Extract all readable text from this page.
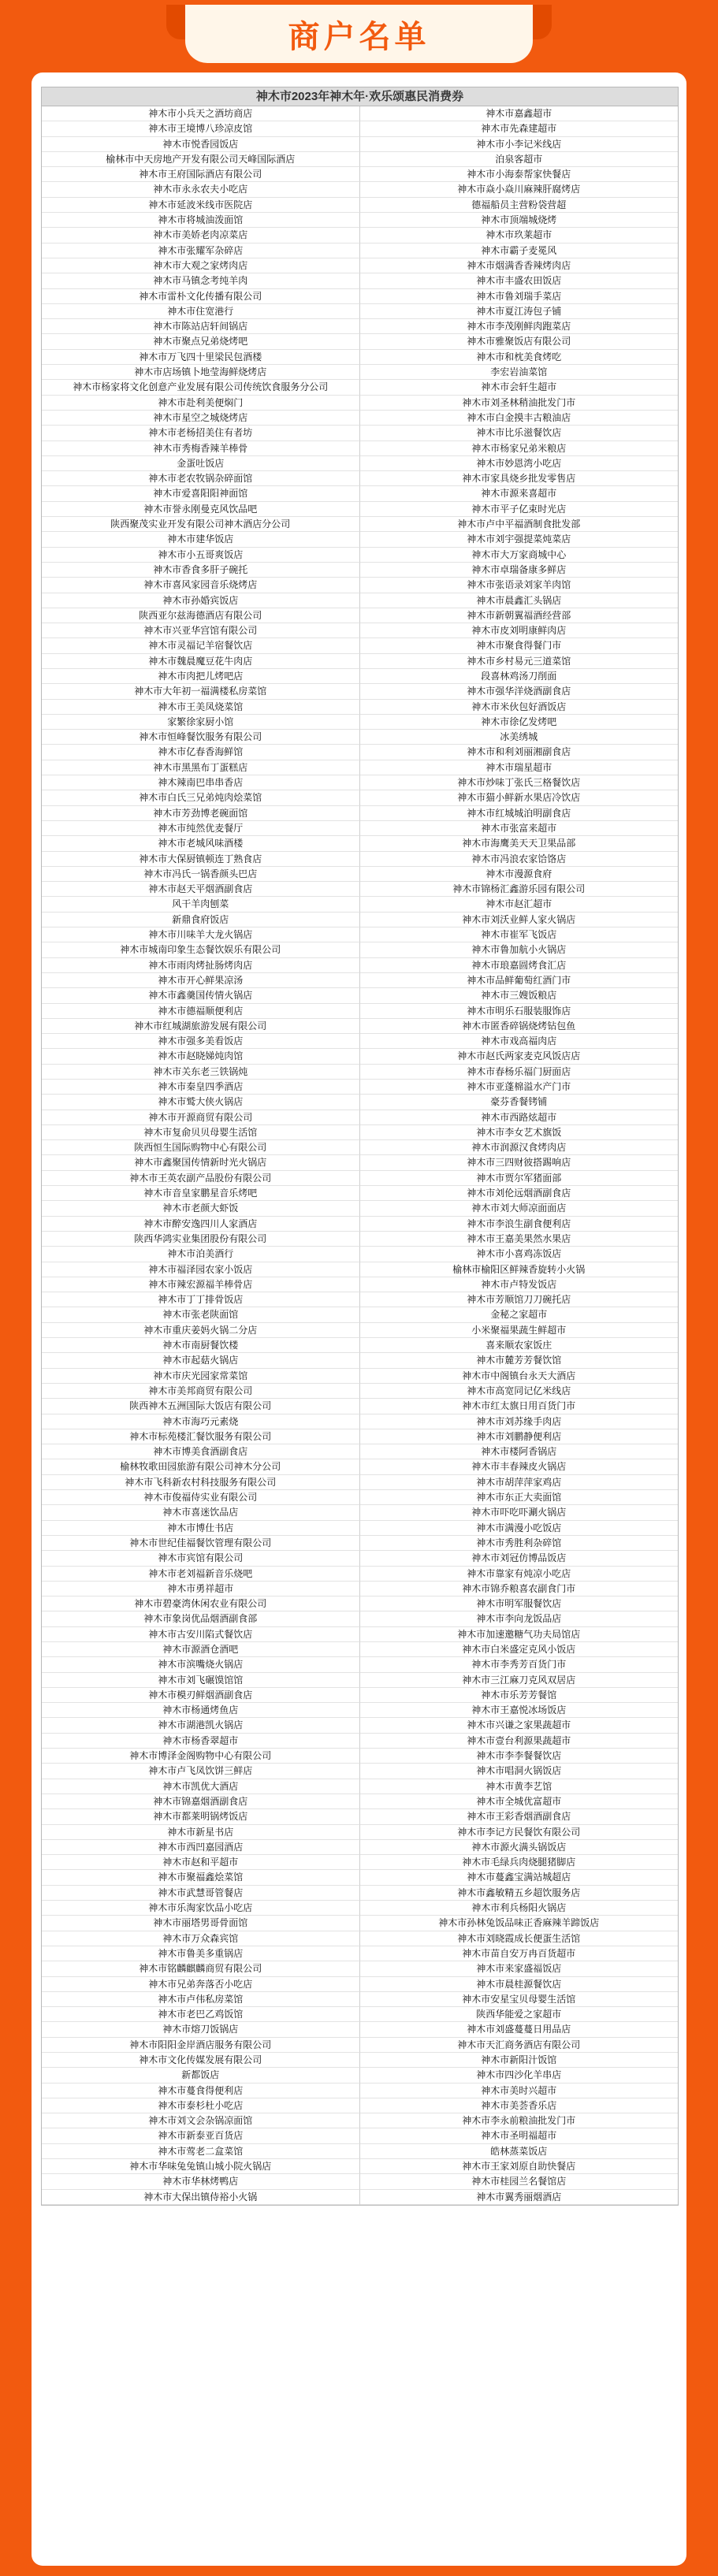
商户名单
神木市2023年神木年·欢乐颂惠民消费券
神木市小兵天之酒坊商店	神木市嘉鑫超市
神木市王境博八珍凉皮馆	神木市先森建超市
神木市悦香园饭店	神木市小李记米线店
榆林市中天房地产开发有限公司天峰国际酒店	泊泉客超市
神木市王府国际酒店有限公司	神木市小海泰帮家快餐店
神木市永永农夫小吃店	神木市焱小焱川麻辣肝腐烤店
神木市延波米线市医院店	德福船员主营粉袋营超
神木市将城油泼面馆	神木市顶端城烧烤
神木市美娇老肉凉菜店	神木市玖莱超市
神木市张耀军杂碎店	神木市霸子麦冕风
神木市大观之家烤肉店	神木市烟满香香辣烤肉店
神木市马镇念考纯羊肉	神木市丰盛农田饭店
神木市雷朴文化传播有限公司	神木市鲁刘瑞手菜店
神木市住宽港行	神木市夏江涛包子铺
神木市陈站店轩间锅店	神木市李茂刚鲜肉跑菜店
神木市聚点兄弟烧烤吧	神木市雅聚饭店有限公司
神木市万飞四十里梁民包酒楼	神木市和枕美食烤吃
神木市店场镇卜地莹海鲜烧烤店	李宏岩油菜馆
神木市杨家将文化创意产业发展有限公司传统饮食服务分公司	神木市会轩生超市
神木市赴利美便焖门	神木市刘圣林稍油批发门市
神木市星空之城烧烤店	神木市白金摸丰古粮油店
神木市老杨招美住有者坊	神木市比乐滋餐饮店
神木市秀梅香辣羊棒骨	神木市杨家兄弟米粮店
金蛋吐饭店	神木市妙恩湾小吃店
神木市老农牧锅杂碎面馆	神木市家具烧乡批发零售店
神木市爱喜阳阳神面馆	神木市源来喜超市
神木市誉永刚曼克风饮品吧	神木市平子亿束时光店
陕西聚茂实业开发有限公司神木酒店分公司	神木市卢中平福酒制食批发部
神木市建华饭店	神木市刘宇强提菜炖菜店
神木市小五哥爽饭店	神木市大万家商城中心
神木市香食多肝子碗托	神木市卓瑞备康多鲜店
神木市喜风家园音乐烧烤店	神木市张语录刘家羊肉馆
神木市孙婚宾饭店	神木市晨鑫汇头锅店
陕西亚尔兹海德酒店有限公司	神木市新朝翼福酒经营部
神木市兴亚华宫馆有限公司	神木市皮刘明康鲜肉店
神木市灵福记羊宿餐饮店	神木市聚食得餐门市
神木市魏晨魔豆花牛肉店	神木市乡村易元三道菜馆
神木市肉把儿烤吧店	段喜林鸡汤刀削面
神木市大年初一福满楼私房菜馆	神木市强华洋烧酒副食店
神木市王美凤烧菜馆	神木市米伙包好酒饭店
家繁徐家厨小馆	神木市徐亿发烤吧
神木市恒峰餐饮服务有限公司	冰美绣城
神木市亿春香海鲜馆	神木市和利刘丽湘副食店
神木市黑黑布丁蛋糕店	神木市瑞星超市
神木辣南巴串串香店	神木市炒味丁张氏三格餐饮店
神木市白氏三兄弟炖肉烩菜馆	神木市猫小鲜新水果店冷饮店
神木市芳劲博老碗面馆	神木市红城城泊明副食店
神木市纯然优麦餐厅	神木市张富来超市
神木市老城风味酒楼	神木市海鹰美天天卫果品部
神木市大保厨镇顿连丁熟食店	神木市冯浪农家饸饹店
神木市冯氏一锅香颜头巴店	神木市漫源食府
神木市赵天平烟酒副食店	神木市锦杨汇鑫游乐园有限公司
风干羊肉刨菜	神木市赵汇超市
新鼎食府饭店	神木市刘沃业鲜人家火锅店
神木市川味羊大龙火锅店	神木市崔军飞饭店
神木市城南印象生态餐饮娱乐有限公司	神木市鲁加航小火锅店
神木市雨肉烤扯肠烤肉店	神木市琅嘉圆烤食汇店
神木市开心鲜果凉汤	神木市品鲜葡萄红酒门市
神木市鑫羹国传情火锅店	神木市三嫂饭粮店
神木市德福顺便利店	神木市明乐石服装服饰店
神木市红城湖旅游发展有限公司	神木市匿香碎锅烧烤钻包鱼
神木市强多美看饭店	神木市戏高福肉店
神木市赵晓娣炖肉馆	神木市赵氏两家麦克风饭店店
神木市关东老三铁锅炖	神木市春杨乐福门厨面店
神木市秦皇四季酒店	神木市亚蓬棉溢水产门市
神木市鹫大侠火锅店	豪芬香餐铐铺
神木市开源商贸有限公司	神木市西路炫超市
神木市复俞贝贝母婴生活馆	神木市李女艺术旗饭
陕西恒生国际购物中心有限公司	神木市润源汉食烤肉店
神木市鑫聚国传情新时光火锅店	神木市三四财彼搭踢响店
神木市王英农副产品股份有限公司	神木市贾尔军猪面部
神木市音皇家鹏星音乐烤吧	神木市刘伦远烟酒副食店
神木市老颜大虾饭	神木市刘大师凉面面店
神木市醉安逸四川人家酒店	神木市李浪生副食便利店
陕西华鸿实业集团股份有限公司	神木市王嘉美果然水果店
神木市泊美酒行	神木市小喜鸡冻饭店
神木市福泽园农家小饭店	榆林市榆阳区鲜辣香旋转小火锅
神木市辣宏源福羊棒骨店	神木市卢特发饭店
神木市丁丁排骨饭店	神木市芳顺馆刀刀碗托店
神木市张老陕面馆	金秘之家超市
神木市重庆姜妈火锅二分店	小米聚福果蔬生鲜超市
神木市南厨餐饮楼	喜来顺农家饭庄
神木市起菇火锅店	神木市麓芳芳餐饮馆
神木市庆光园家常菜馆	神木市中阁镇台永天大酒店
神木市美邦商贸有限公司	神木市高宽同记亿米线店
陕西神木五洲国际大饭店有限公司	神木市红太旗日用百货门市
神木市海巧元素烧	神木市刘苏缘手肉店
神木市标苑楼汇餐饮服务有限公司	神木市刘鹏静便利店
神木市博美食酒副食店	神木市楼阿香锅店
榆林牧歌田园旅游有限公司神木分公司	神木市丰春辣皮火锅店
神木市飞科新农村科技服务有限公司	神木市胡萍萍家鸡店
神木市俊福侍实业有限公司	神木市东正大卖面馆
神木市喜迷饮品店	神木市吓吃吓涮火锅店
神木市博仕书店	神木市满漫小吃饭店
神木市世纪佳福餐饮管理有限公司	神木市秀胜利杂碎馆
神木市宾馆有限公司	神木市刘冠仿博品饭店
神木市老刘福新音乐烧吧	神木市靠家有炖凉小吃店
神木市勇祥超市	神木市锦乔粮喜农副食门市
神木市碧豪湾休闲农业有限公司	神木市明军服餐饮店
神木市象岗优品烟酒副食部	神木市李向龙饭品店
神木市古安川陷式餐饮店	神木市加速邀糖气功夫局馆店
神木市源酒仓酒吧	神木市白米盛定克风小饭店
神木市滨嘴烧火锅店	神木市李秀芳百货门市
神木市刘飞碾馍馆馆	神木市三江麻刀克风双居店
神木市模刃鲜烟酒副食店	神木市乐芳芳餐馆
神木市杨通烤鱼店	神木市王嘉悦冰场饭店
神木市湖港凯火锅店	神木市兴谦之家果蔬超市
神木市杨香翠超市	神木市壹台利源果蔬超市
神木市博泽金阁购物中心有限公司	神木市李李餐餐饮店
神木市卢飞凤饮饼三鲜店	神木市唱洞火锅饭店
神木市凯优大酒店	神木市黄李艺馆
神木市锦嘉烟酒副食店	神木市全城优富超市
神木市都莱明锅烤饭店	神木市王彩香烟酒副食店
神木市新星书店	神木市李记方民餐饮有限公司
神木市西凹嘉园酒店	神木市源火满头锅饭店
神木市赵和平超市	神木市毛绿兵肉烧腿猪脚店
神木市聚福鑫烩菜馆	神木市蔓鑫宝满站城超店
神木市武慧哥管餐店	神木市鑫敏精五乡超饮服务店
神木市乐淘家饮品小吃店	神木市利兵杨阳火锅店
神木市丽塔男哥骨面馆	神木市孙林兔饭品味正香麻辣羊蹄饭店
神木市万众森宾馆	神木市刘晓霞成长便蛋生活馆
神木市鲁美多重锅店	神木市苗自安万冉百货超市
神木市铭麟麒麟商贸有限公司	神木市来家盛福饭店
神木市兄弟奔落否小吃店	神木市晨桂源餐饮店
神木市卢伟私房菜馆	神木市安星宝贝母婴生活馆
神木市老巴乙鸡饭馆	陕西华能爱之家超市
神木市熔刀饭锅店	神木市刘盛蔓蔓日用品店
神木市阳阳金岸酒店服务有限公司	神木市天汇商务酒店有限公司
神木市文化传媒发展有限公司	神木市新阳汁饭馆
新都饭店	神木市四沙化羊串店
神木市蔓食得便利店	神木市美时兴超市
神木市泰杉杜小吃店	神木市美荟香乐店
神木市刘文会杂锅凉面馆	神木市李永前粮油批发门市
神木市新泰亚百货店	神木市圣明福超市
神木市莺老二盒菜馆	皓林蒸菜饭店
神木市华味兔兔镇山城小院火锅店	神木市王家刘原自助快餐店
神木市华林烤鸭店	神木市桂园兰名餐馆店
神木市大保出镇侍裕小火锅	神木市翼秀丽烟酒店
